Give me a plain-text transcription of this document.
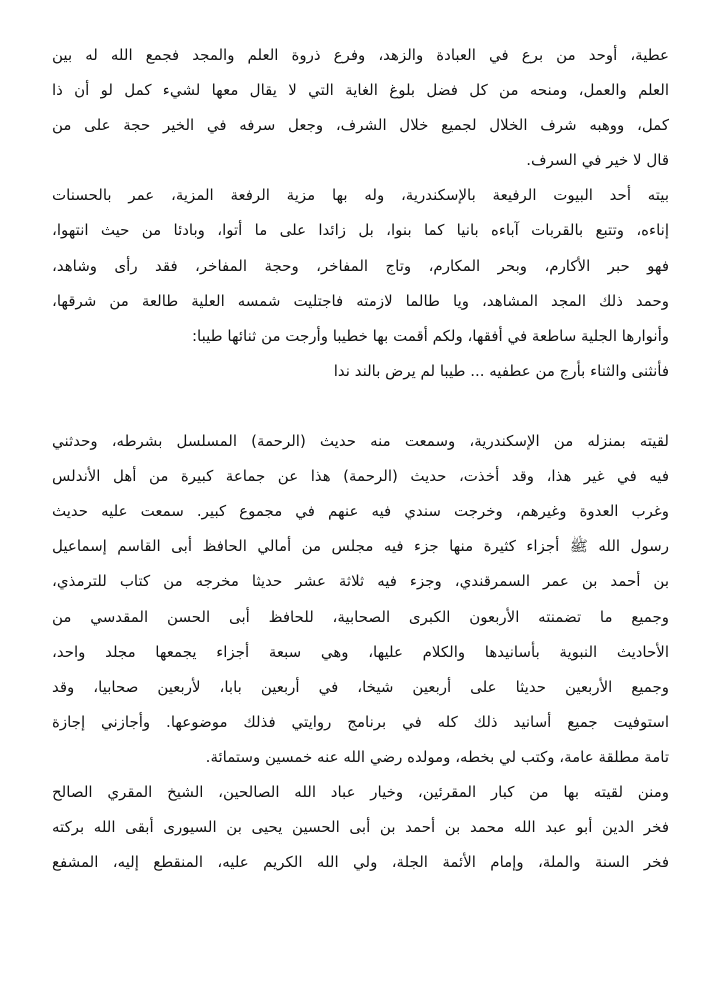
عطية، أوحد من برع في العبادة والزهد، وفرع ذروة العلم والمجد فجمع الله له بين
العلم والعمل، ومنحه من كل فضل بلوغ الغاية التي لا يقال معها لشيء كمل لو أن ذا
كمل، ووهبه شرف الخلال لجميع خلال الشرف، وجعل سرفه في الخير حجة على من
قال لا خير في السرف.
بيته أحد البيوت الرفيعة بالإسكندرية، وله بها مزية الرفعة المزية، عمر بالحسنات
إناءه، وتتبع بالقربات آباءه بانيا كما بنوا، بل زائدا على ما أتوا، وبادئا من حيث انتهوا،
فهو حبر الأكارم، وبحر المكارم، وتاج المفاخر، وحجة المفاخر، فقد رأى وشاهد،
وحمد ذلك المجد المشاهد، ويا طالما لازمته فاجتليت شمسه العلية طالعة من شرقها،
وأنوارها الجلية ساطعة في أفقها، ولكم أقمت بها خطيبا وأرجت من ثنائها طيبا:
فأنثنى والثناء بأرج من عطفيه ... طيبا لم يرض بالند ندا
لقيته بمنزله من الإسكندرية، وسمعت منه حديث (الرحمة) المسلسل بشرطه، وحدثني
فيه في غير هذا، وقد أخذت، حديث (الرحمة) هذا عن جماعة كبيرة من أهل الأندلس
وغرب العدوة وغيرهم، وخرجت سندي فيه عنهم في مجموع كبير. سمعت عليه حديث
رسول الله ﷺ أجزاء كثيرة منها جزء فيه مجلس من أمالي الحافظ أبى القاسم إسماعيل
بن أحمد بن عمر السمرقندي، وجزء فيه ثلاثة عشر حديثا مخرجه من كتاب للترمذي،
وجميع ما تضمنته الأربعون الكبرى الصحابية، للحافظ أبى الحسن المقدسي من
الأحاديث النبوية بأسانيدها والكلام عليها، وهي سبعة أجزاء يجمعها مجلد واحد،
وجميع الأربعين حديثا على أربعين شيخا، في أربعين بابا، لأربعين صحابيا، وقد
استوفيت جميع أسانيد ذلك كله في برنامج روايتي فذلك موضوعها. وأجازني إجازة
تامة مطلقة عامة، وكتب لي بخطه، ومولده رضي الله عنه خمسين وستمائة.
ومنن لقيته بها من كبار المقرئين، وخيار عباد الله الصالحين، الشيخ المقري الصالح
فخر الدين أبو عبد الله محمد بن أحمد بن أبى الحسين يحيى بن السيورى أبقى الله بركته
فخر السنة والملة، وإمام الأئمة الجلة، ولي الله الكريم عليه، المنقطع إليه، المشفع
